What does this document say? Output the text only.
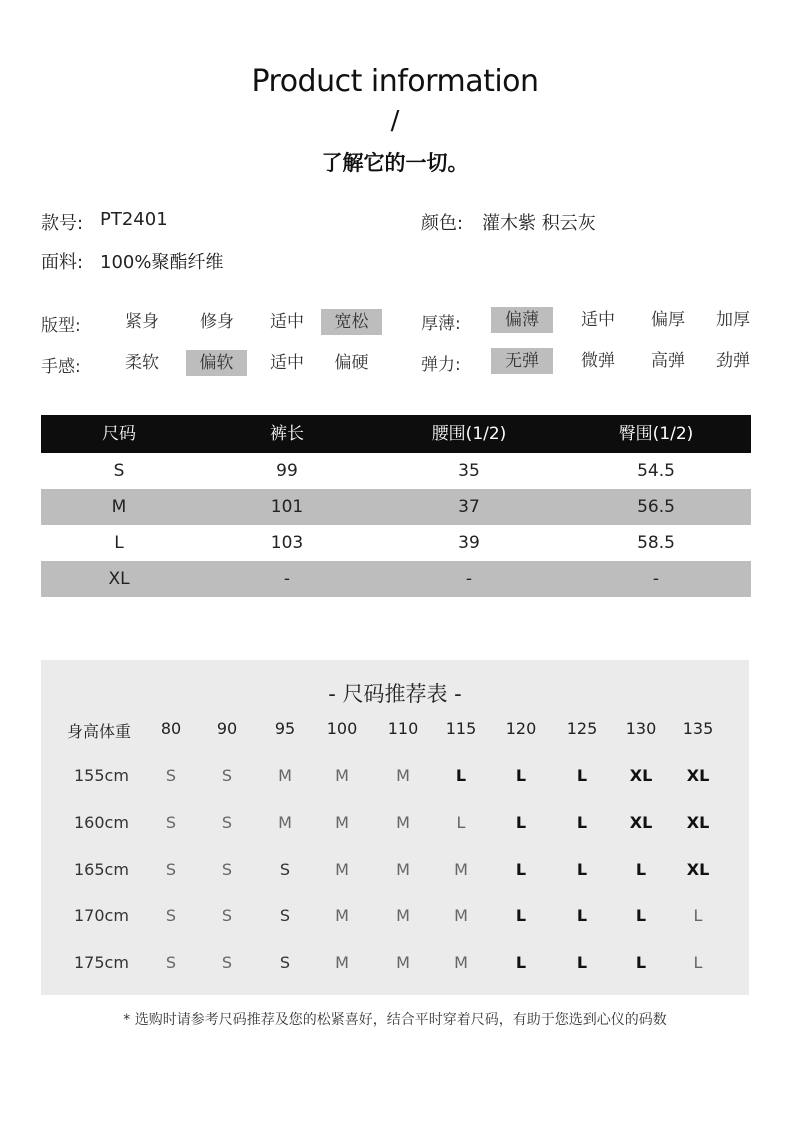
Product information
/
了解它的一切。
款号: PT2401	颜色: 灌木紫 积云灰
面料: 100%聚酯纤维
版型:	紧身	修身	适中	宽松
手感:	柔软	偏软	适中	偏硬
厚薄:	偏薄	适中	偏厚	加厚
弹力:	无弹	微弹	高弹	劲弹
尺码	裤长	腰围(1/2)	臀围(1/2)
S	99	35	54.5
M	101	37	56.5
L	103	39	58.5
XL	-	-	-
- 尺码推荐表 -
身高体重	80	90	95	100	110	115	120	125	130	135
155cm	S	S	M	M	M	L	L	L	XL	XL
160cm	S	S	M	M	M	L	L	L	XL	XL
165cm	S	S	S	M	M	M	L	L	L	XL
170cm	S	S	S	M	M	M	L	L	L	L
175cm	S	S	S	M	M	M	L	L	L	L
* 选购时请参考尺码推荐及您的松紧喜好，结合平时穿着尺码，有助于您选到心仪的码数
